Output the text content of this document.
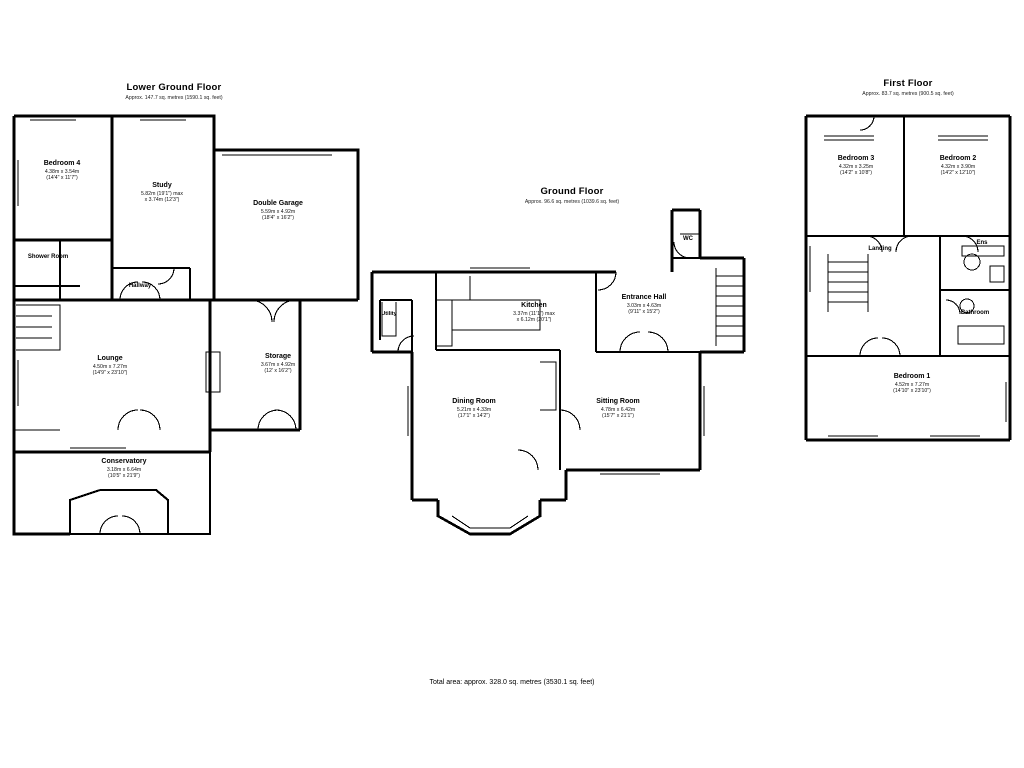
Lower Ground Floor
Approx. 147.7 sq. metres (1590.1 sq. feet)
Bedroom 4
4.38m x 3.54m
(14'4" x 11'7")
Study
5.82m (19'1") max
x 3.74m (12'3")
Double Garage
5.59m x 4.92m
(18'4" x 16'2")
Shower Room
Hallway
Lounge
4.50m x 7.27m
(14'9" x 23'10")
Storage
3.67m x 4.92m
(12' x 16'2")
Conservatory
3.18m x 6.64m
(10'5" x 21'9")
Ground Floor
Approx. 96.6 sq. metres (1039.6 sq. feet)
WC
Utility
Kitchen
3.37m (11'1") max
x 6.12m (20'1")
Entrance Hall
3.03m x 4.63m
(9'11" x 15'2")
Dining Room
5.21m x 4.33m
(17'1" x 14'2")
Sitting Room
4.78m x 6.42m
(15'7" x 21'1")
First Floor
Approx. 83.7 sq. metres (900.5 sq. feet)
Bedroom 3
4.32m x 3.25m
(14'2" x 10'8")
Bedroom 2
4.32m x 3.90m
(14'2" x 12'10")
Landing
Ens
Bathroom
Bedroom 1
4.52m x 7.27m
(14'10" x 23'10")
Total area: approx. 328.0 sq. metres (3530.1 sq. feet)
